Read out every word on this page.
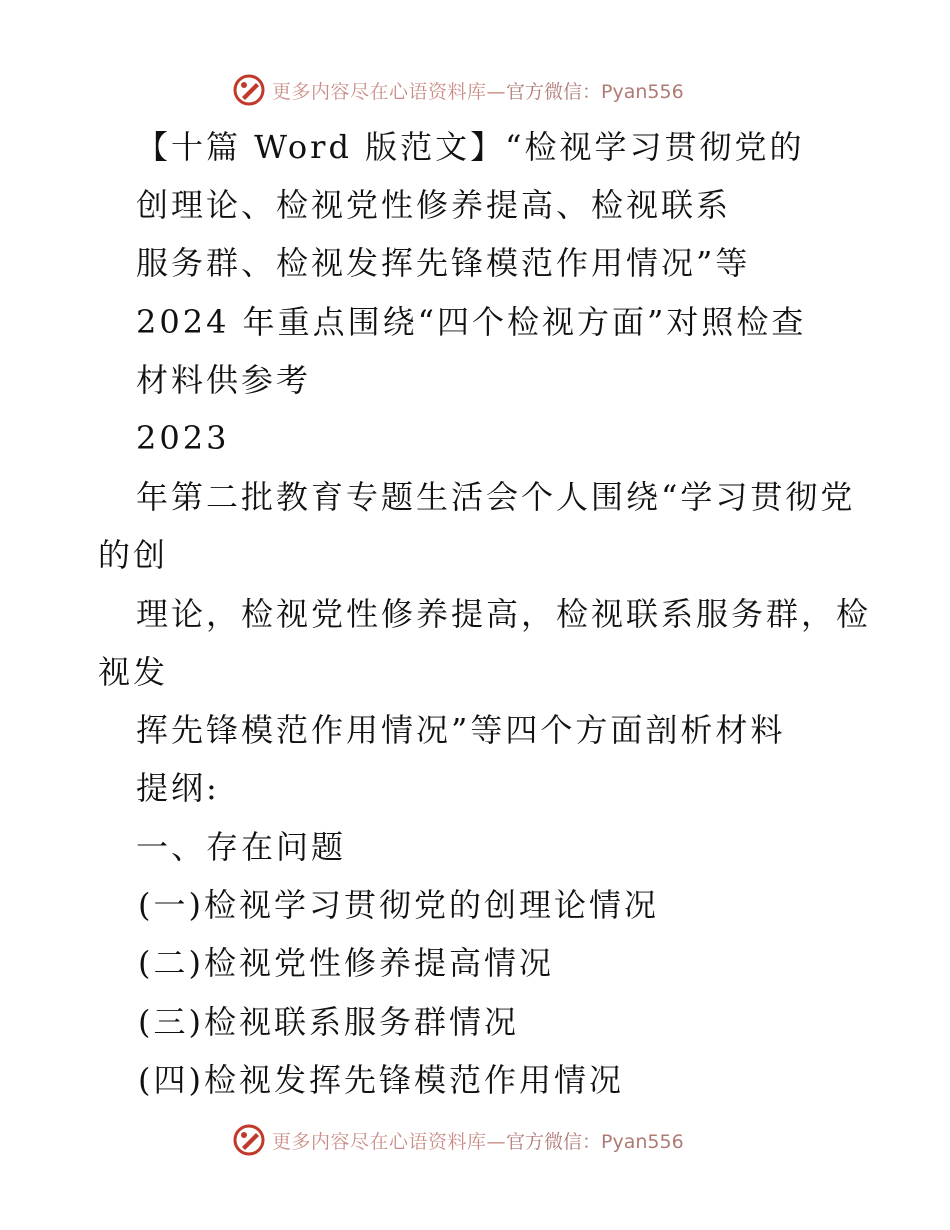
更多内容尽在心语资料库— 官方微信：Pyan556
【十篇 Word 版范文】“检视学习贯彻党的
创理论、检视党性修养提高、检视联系
服务群、检视发挥先锋模范作用情况”等
2024 年重点围绕“四个检视方面”对照检查
材料供参考
2023
年第二批教育专题生活会个人围绕“学习贯彻党
的创
理论，检视党性修养提高，检视联系服务群，检
视发
挥先锋模范作用情况”等四个方面剖析材料
提纲:
一、存在问题
(一)检视学习贯彻党的创理论情况
(二)检视党性修养提高情况
(三)检视联系服务群情况
(四)检视发挥先锋模范作用情况
更多内容尽在心语资料库— 官方微信：Pyan556
